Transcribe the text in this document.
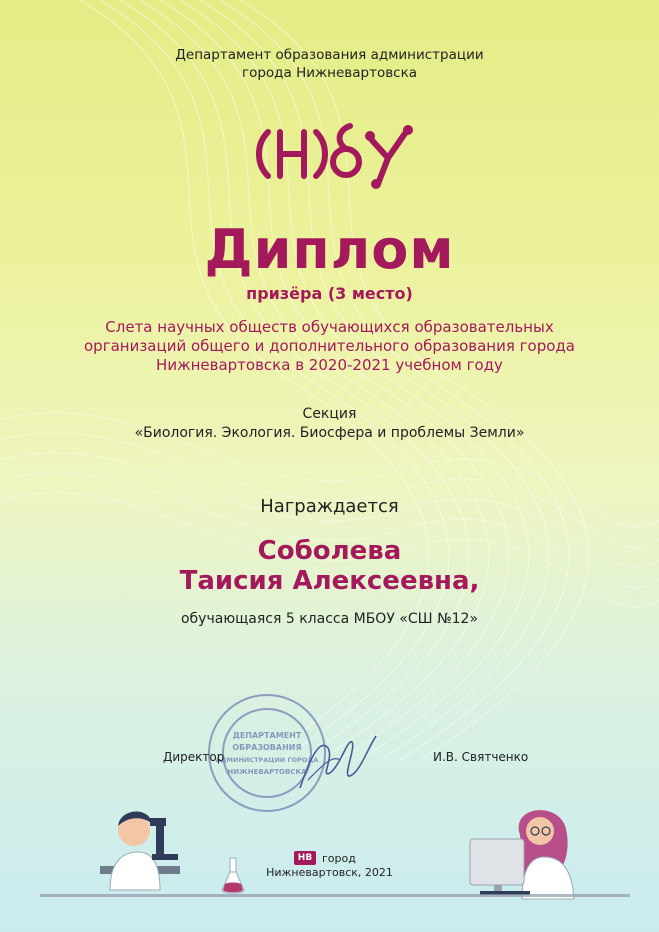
Департамент образования администрации
города Нижневартовска
Диплом
призёра (3 место)
Слета научных обществ обучающихся образовательных
организаций общего и дополнительного образования города
Нижневартовска в 2020-2021 учебном году
Секция
«Биология. Экология. Биосфера и проблемы Земли»
Награждается
Соболева
Таисия Алексеевна,
обучающаяся 5 класса МБОУ «СШ №12»
ДЕПАРТАМЕНТ
ОБРАЗОВАНИЯ
АДМИНИСТРАЦИИ ГОРОДА
НИЖНЕВАРТОВСКА
Директор	И.В. Святченко
НВ город
Нижневартовск, 2021
